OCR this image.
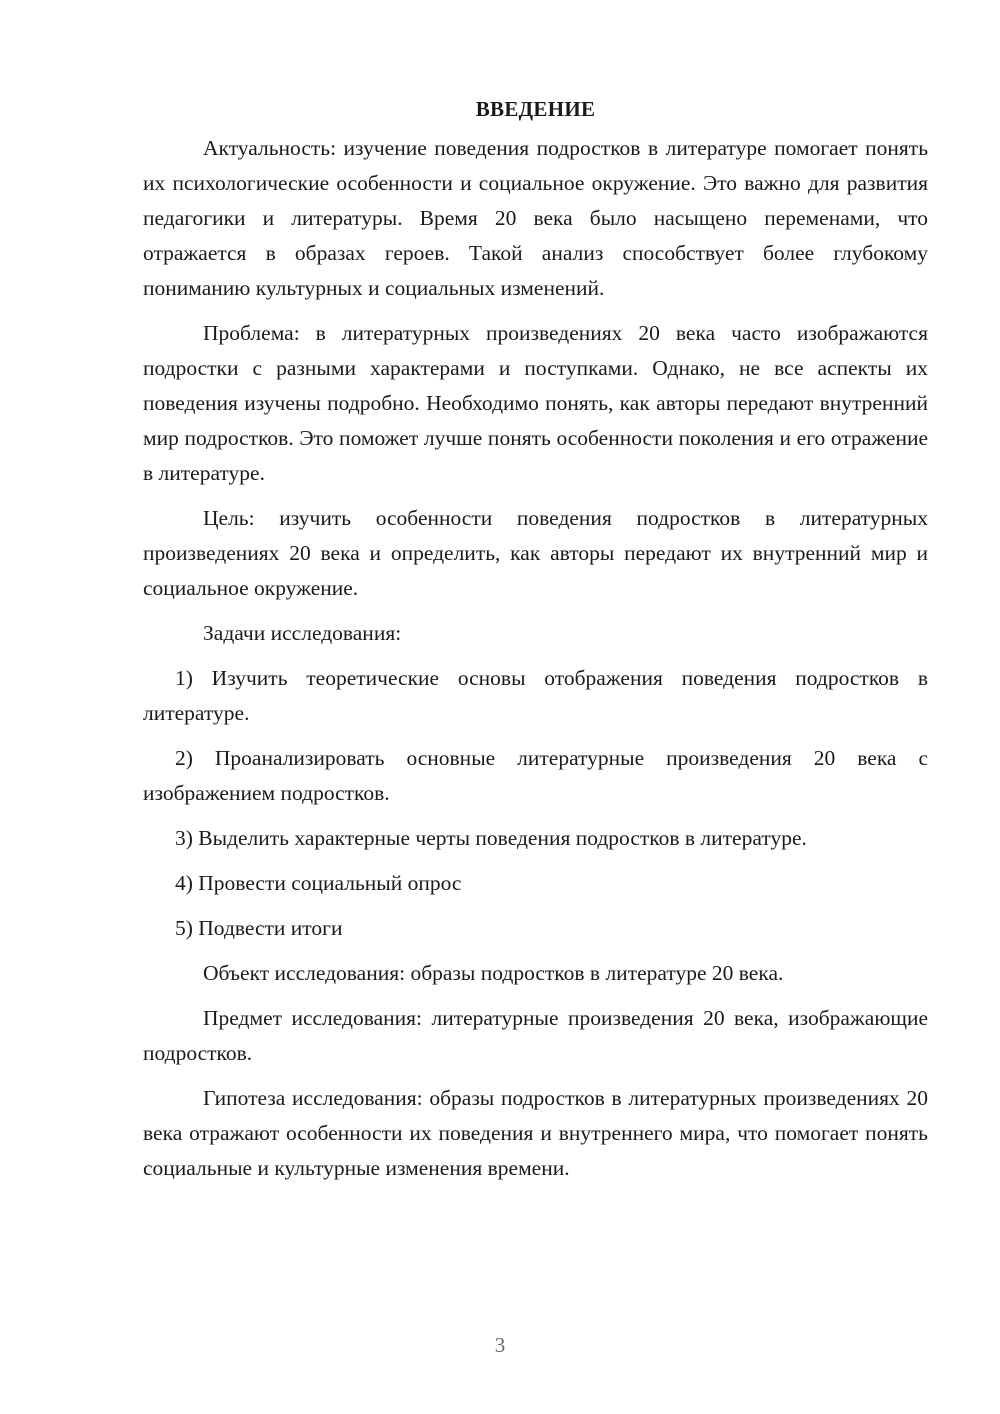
ВВЕДЕНИЕ

Актуальность: изучение поведения подростков в литературе помогает понять их психологические особенности и социальное окружение. Это важно для развития педагогики и литературы. Время 20 века было насыщено переменами, что отражается в образах героев. Такой анализ способствует более глубокому пониманию культурных и социальных изменений.

Проблема: в литературных произведениях 20 века часто изображаются подростки с разными характерами и поступками. Однако, не все аспекты их поведения изучены подробно. Необходимо понять, как авторы передают внутренний мир подростков. Это поможет лучше понять особенности поколения и его отражение в литературе.

Цель: изучить особенности поведения подростков в литературных произведениях 20 века и определить, как авторы передают их внутренний мир и социальное окружение.

Задачи исследования:

1) Изучить теоретические основы отображения поведения подростков в литературе.

2) Проанализировать основные литературные произведения 20 века с изображением подростков.

3) Выделить характерные черты поведения подростков в литературе.

4) Провести социальный опрос

5) Подвести итоги

Объект исследования: образы подростков в литературе 20 века.

Предмет исследования: литературные произведения 20 века, изображающие подростков.

Гипотеза исследования: образы подростков в литературных произведениях 20 века отражают особенности их поведения и внутреннего мира, что помогает понять социальные и культурные изменения времени.

3
